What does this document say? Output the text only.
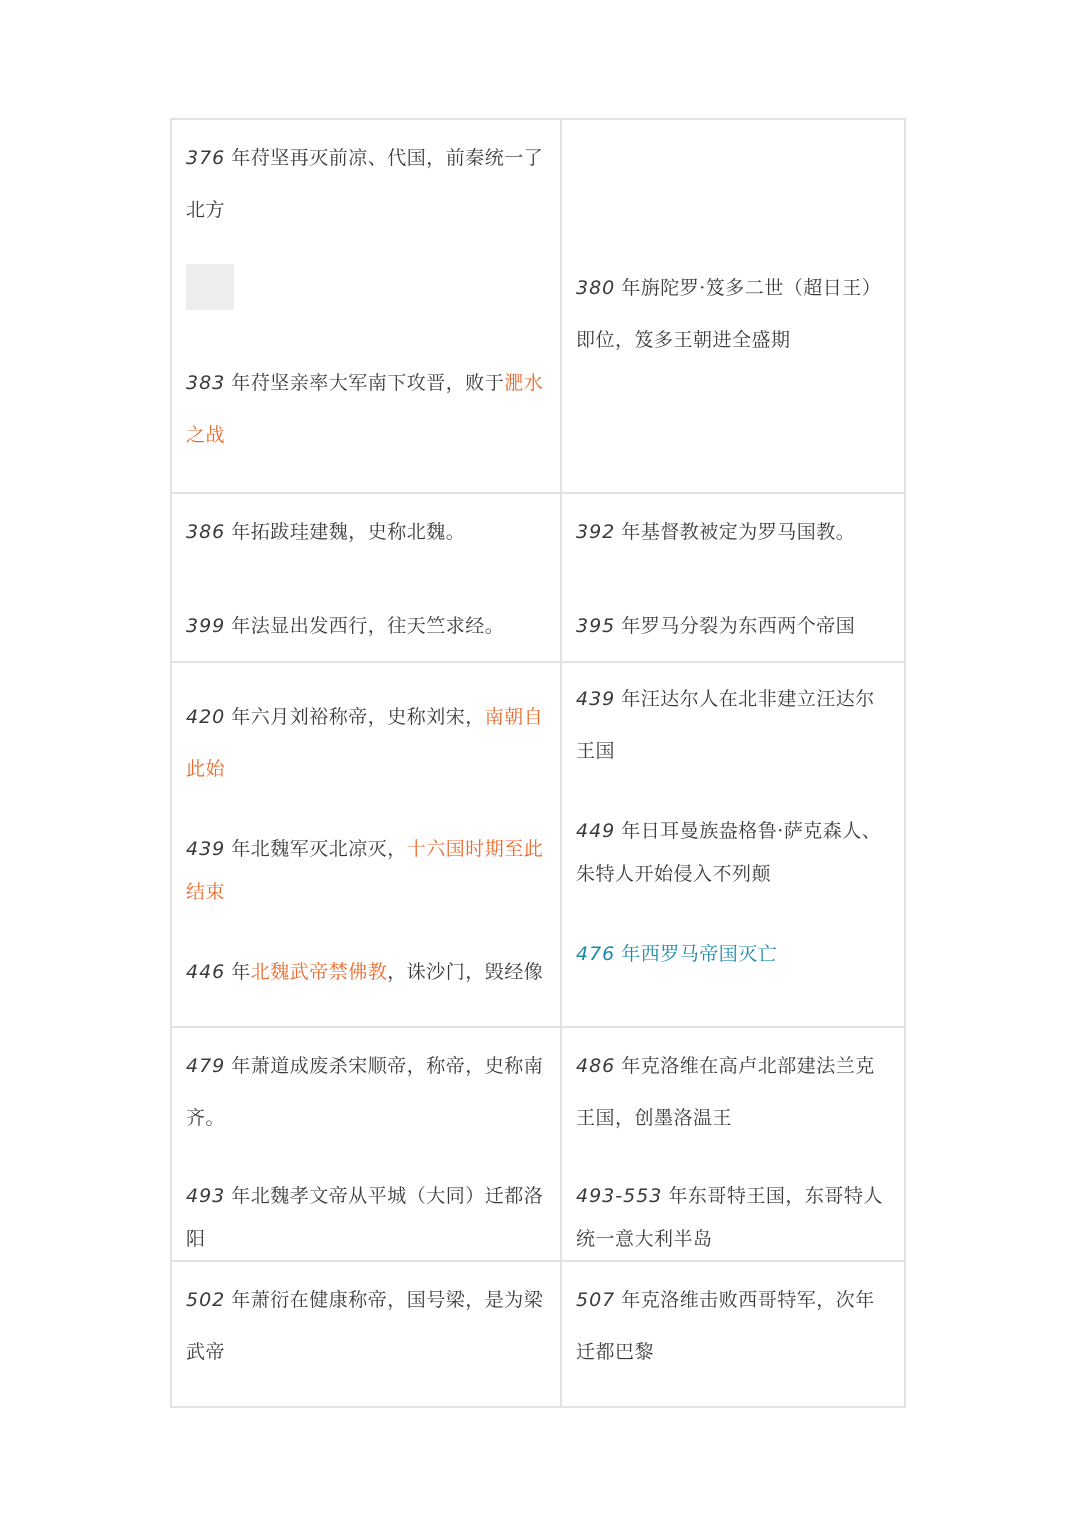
376 年苻坚再灭前凉、代国，前秦统一了北方
383 年苻坚亲率大军南下攻晋，败于淝水之战
380 年旃陀罗·笈多二世（超日王）即位，笈多王朝进全盛期
386 年拓跋珪建魏，史称北魏。
399 年法显出发西行，往天竺求经。
392 年基督教被定为罗马国教。
395 年罗马分裂为东西两个帝国
420 年六月刘裕称帝，史称刘宋，南朝自此始
439 年北魏军灭北凉灭，十六国时期至此结束
446 年北魏武帝禁佛教，诛沙门，毁经像
439 年汪达尔人在北非建立汪达尔王国
449 年日耳曼族盎格鲁·萨克森人、朱特人开始侵入不列颠
476 年西罗马帝国灭亡
479 年萧道成废杀宋顺帝，称帝，史称南齐。
493 年北魏孝文帝从平城（大同）迁都洛阳
486 年克洛维在高卢北部建法兰克王国，创墨洛温王
493-553 年东哥特王国，东哥特人统一意大利半岛
502 年萧衍在健康称帝，国号梁，是为梁武帝
507 年克洛维击败西哥特军，次年迁都巴黎
